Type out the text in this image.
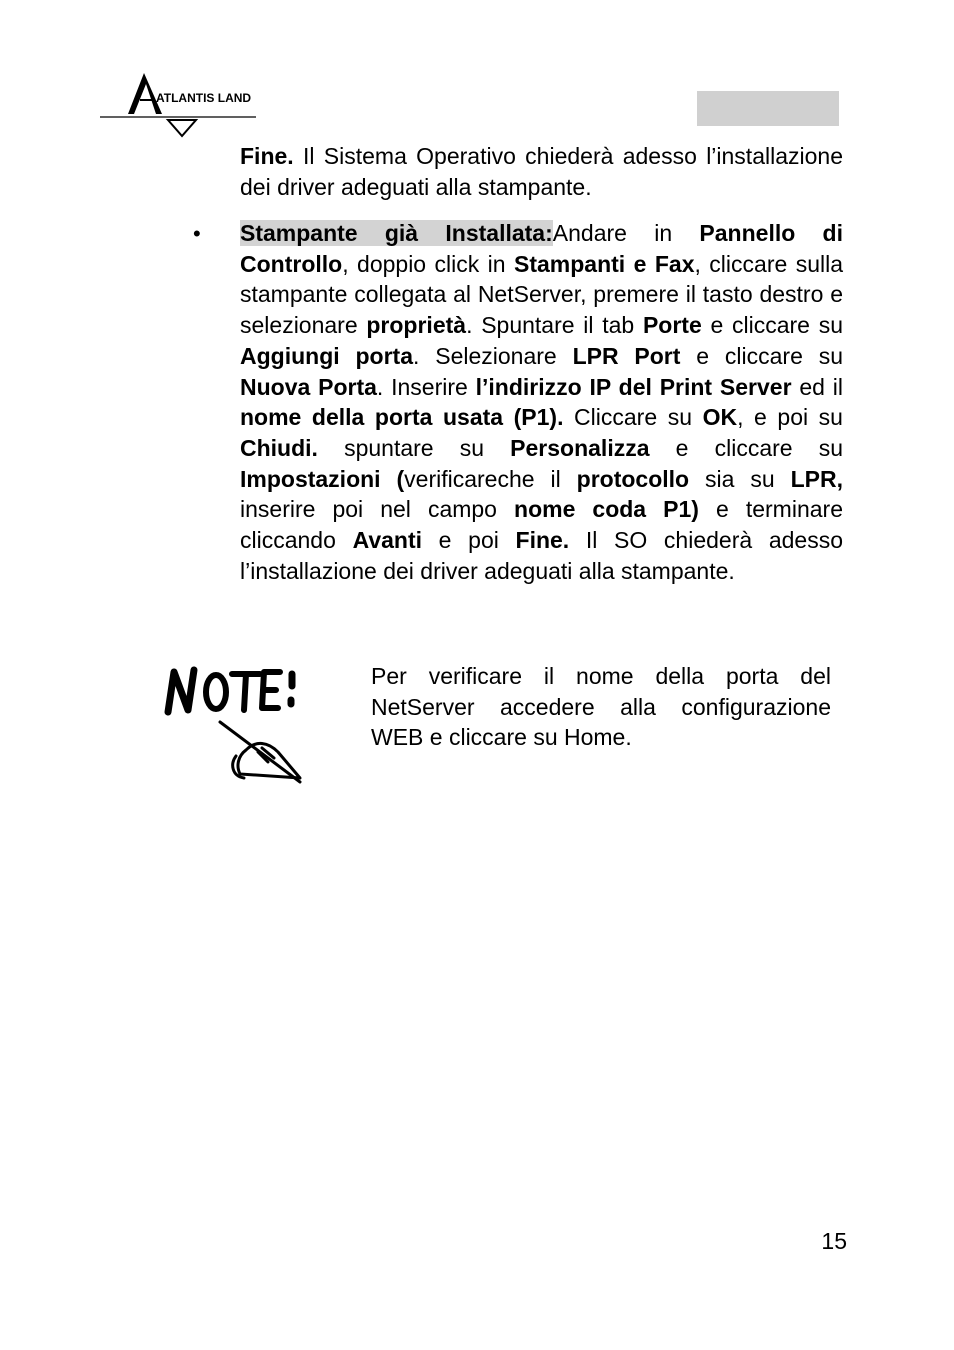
ATLANTIS LAND
Fine. Il Sistema Operativo chiederà adesso l’installazione dei driver adeguati alla stampante.
• Stampante già Installata:Andare in Pannello di Controllo, doppio click in Stampanti e Fax, cliccare sulla stampante collegata al NetServer, premere il tasto destro e selezionare proprietà. Spuntare il tab Porte e cliccare su Aggiungi porta. Selezionare LPR Port e cliccare su Nuova Porta. Inserire l’indirizzo IP del Print Server ed il nome della porta usata (P1). Cliccare su OK, e poi su Chiudi. spuntare su Personalizza e cliccare su Impostazioni (verificareche il protocollo sia su LPR, inserire poi nel campo nome coda P1) e terminare cliccando Avanti e poi Fine. Il SO chiederà adesso l’installazione dei driver adeguati alla stampante.
Note:
Per verificare il nome della porta del NetServer accedere alla configurazione WEB e cliccare su Home.
15
